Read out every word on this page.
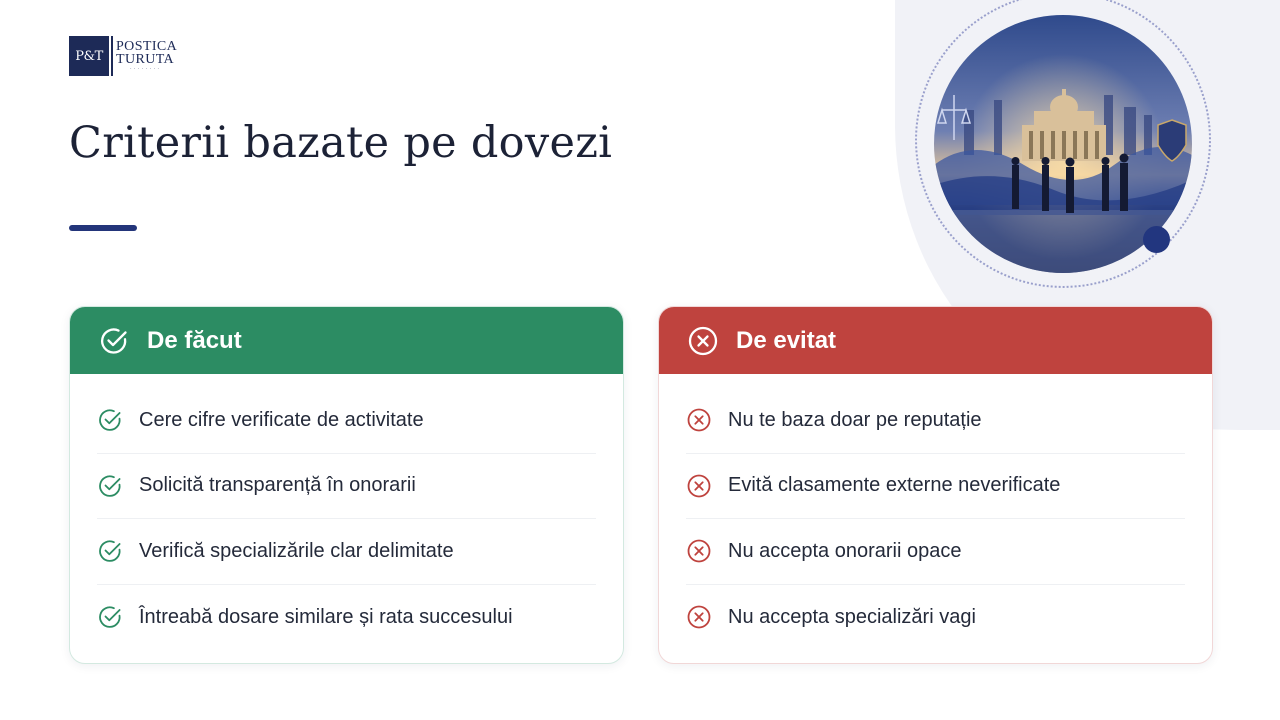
P&T
POSTICA
TURUTA
· · · · · · · ·
Criterii bazate pe dovezi
De făcut
Cere cifre verificate de activitate
Solicită transparență în onorarii
Verifică specializările clar delimitate
Întreabă dosare similare și rata succesului
De evitat
Nu te baza doar pe reputație
Evită clasamente externe neverificate
Nu accepta onorarii opace
Nu accepta specializări vagi
